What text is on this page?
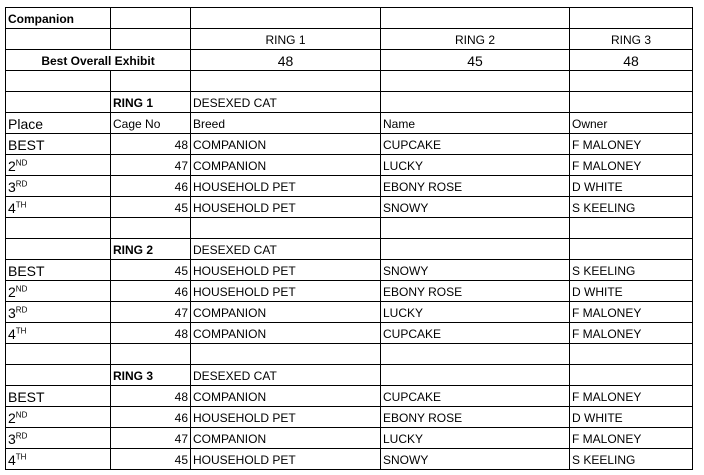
Companion				
		RING 1	RING 2	RING 3
Best Overall Exhibit		48	45	48

	RING 1	DESEXED CAT		
Place	Cage No	Breed	Name	Owner
BEST	48	COMPANION	CUPCAKE	F MALONEY
2ND	47	COMPANION	LUCKY	F MALONEY
3RD	46	HOUSEHOLD PET	EBONY ROSE	D WHITE
4TH	45	HOUSEHOLD PET	SNOWY	S KEELING

	RING 2	DESEXED CAT		
BEST	45	HOUSEHOLD PET	SNOWY	S KEELING
2ND	46	HOUSEHOLD PET	EBONY ROSE	D WHITE
3RD	47	COMPANION	LUCKY	F MALONEY
4TH	48	COMPANION	CUPCAKE	F MALONEY

	RING 3	DESEXED CAT		
BEST	48	COMPANION	CUPCAKE	F MALONEY
2ND	46	HOUSEHOLD PET	EBONY ROSE	D WHITE
3RD	47	COMPANION	LUCKY	F MALONEY
4TH	45	HOUSEHOLD PET	SNOWY	S KEELING
